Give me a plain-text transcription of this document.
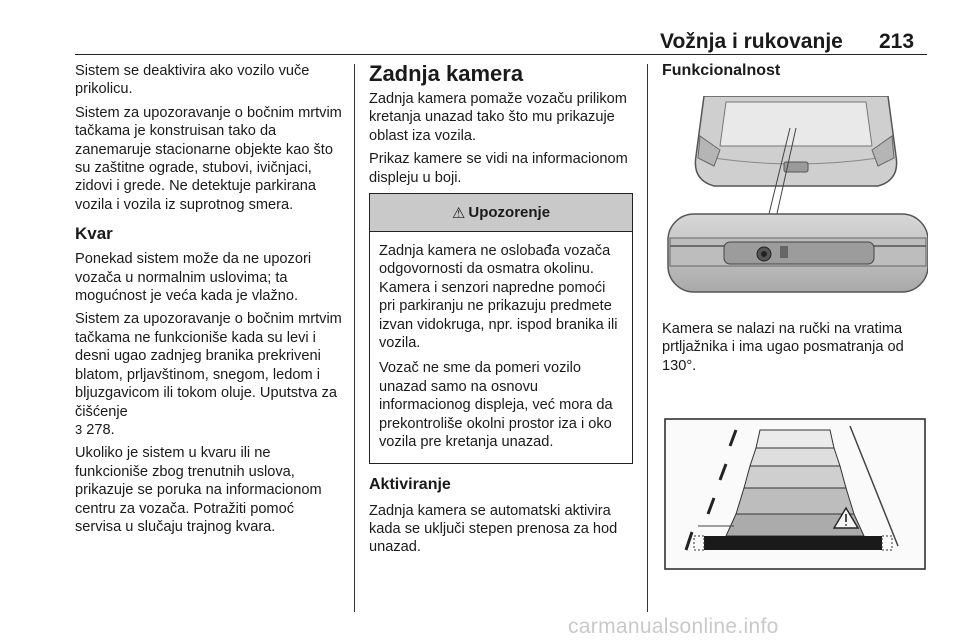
Vožnja i rukovanje 213

Sistem se deaktivira ako vozilo vuče prikolicu.

Sistem za upozoravanje o bočnim mrtvim tačkama je konstruisan tako da zanemaruje stacionarne objekte kao što su zaštitne ograde, stubovi, ivičnjaci, zidovi i grede. Ne detektuje parkirana vozila i vozila iz suprotnog smera.

Kvar

Ponekad sistem može da ne upozori vozača u normalnim uslovima; ta mogućnost je veća kada je vlažno.

Sistem za upozoravanje o bočnim mrtvim tačkama ne funkcioniše kada su levi i desni ugao zadnjeg branika prekriveni blatom, prljavštinom, snegom, ledom i bljuzgavicom ili tokom oluje. Uputstva za čišćenje
3 278.

Ukoliko je sistem u kvaru ili ne funkcioniše zbog trenutnih uslova, prikazuje se poruka na informacionom centru za vozača. Potražiti pomoć servisa u slučaju trajnog kvara.

Zadnja kamera

Zadnja kamera pomaže vozaču prilikom kretanja unazad tako što mu prikazuje oblast iza vozila.

Prikaz kamere se vidi na informacionom displeju u boji.

⚠ Upozorenje

Zadnja kamera ne oslobađa vozača odgovornosti da osmatra okolinu. Kamera i senzori napredne pomoći pri parkiranju ne prikazuju predmete izvan vidokruga, npr. ispod branika ili vozila.

Vozač ne sme da pomeri vozilo unazad samo na osnovu informacionog displeja, već mora da prekontroliše okolni prostor iza i oko vozila pre kretanja unazad.

Aktiviranje

Zadnja kamera se automatski aktivira kada se uključi stepen prenosa za hod unazad.

Funkcionalnost
Kamera se nalazi na ručki na vratima prtljažnika i ima ugao posmatranja od 130°.
carmanualsonline.info
